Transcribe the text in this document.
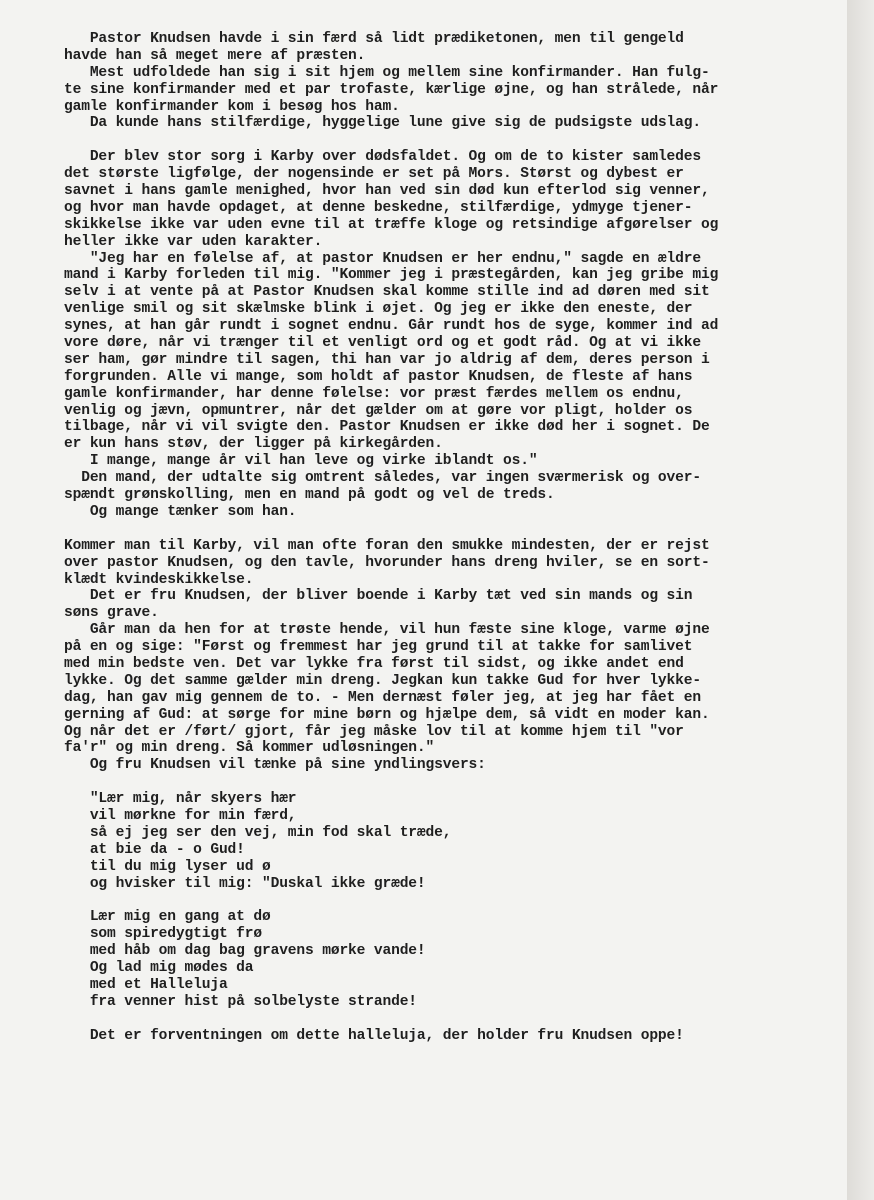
Pastor Knudsen havde i sin færd så lidt prædiketonen, men til gengeld
havde han så meget mere af præsten.
Mest udfoldede han sig i sit hjem og mellem sine konfirmander. Han fulg-
te sine konfirmander med et par trofaste, kærlige øjne, og han strålede, når
gamle konfirmander kom i besøg hos ham.
Da kunde hans stilfærdige, hyggelige lune give sig de pudsigste udslag.
Der blev stor sorg i Karby over dødsfaldet. Og om de to kister samledes
det største ligfølge, der nogensinde er set på Mors. Størst og dybest er
savnet i hans gamle menighed, hvor han ved sin død kun efterlod sig venner,
og hvor man havde opdaget, at denne beskedne, stilfærdige, ydmyge tjener-
skikkelse ikke var uden evne til at træffe kloge og retsindige afgørelser og
heller ikke var uden karakter.
"Jeg har en følelse af, at pastor Knudsen er her endnu," sagde en ældre
mand i Karby forleden til mig. "Kommer jeg i præstegården, kan jeg gribe mig
selv i at vente på at Pastor Knudsen skal komme stille ind ad døren med sit
venlige smil og sit skælmske blink i øjet. Og jeg er ikke den eneste, der
synes, at han går rundt i sognet endnu. Går rundt hos de syge, kommer ind ad
vore døre, når vi trænger til et venligt ord og et godt råd. Og at vi ikke
ser ham, gør mindre til sagen, thi han var jo aldrig af dem, deres person i
forgrunden. Alle vi mange, som holdt af pastor Knudsen, de fleste af hans
gamle konfirmander, har denne følelse: vor præst færdes mellem os endnu,
venlig og jævn, opmuntrer, når det gælder om at gøre vor pligt, holder os
tilbage, når vi vil svigte den. Pastor Knudsen er ikke død her i sognet. De
er kun hans støv, der ligger på kirkegården.
I mange, mange år vil han leve og virke iblandt os."
Den mand, der udtalte sig omtrent således, var ingen sværmerisk og over-
spændt grønskolling, men en mand på godt og vel de treds.
Og mange tænker som han.
Kommer man til Karby, vil man ofte foran den smukke mindesten, der er rejst
over pastor Knudsen, og den tavle, hvorunder hans dreng hviler, se en sort-
klædt kvindeskikkelse.
Det er fru Knudsen, der bliver boende i Karby tæt ved sin mands og sin
søns grave.
Går man da hen for at trøste hende, vil hun fæste sine kloge, varme øjne
på en og sige: "Først og fremmest har jeg grund til at takke for samlivet
med min bedste ven. Det var lykke fra først til sidst, og ikke andet end
lykke. Og det samme gælder min dreng. Jegkan kun takke Gud for hver lykke-
dag, han gav mig gennem de to. - Men dernæst føler jeg, at jeg har fået en
gerning af Gud: at sørge for mine børn og hjælpe dem, så vidt en moder kan.
Og når det er /ført/ gjort, får jeg måske lov til at komme hjem til "vor
fa'r" og min dreng. Så kommer udløsningen."
Og fru Knudsen vil tænke på sine yndlingsvers:
"Lær mig, når skyers hær
vil mørkne for min færd,
så ej jeg ser den vej, min fod skal træde,
at bie da - o Gud!
til du mig lyser ud ø
og hvisker til mig: "Duskal ikke græde!
Lær mig en gang at dø
som spiredygtigt frø
med håb om dag bag gravens mørke vande!
Og lad mig mødes da
med et Halleluja
fra venner hist på solbelyste strande!
Det er forventningen om dette halleluja, der holder fru Knudsen oppe!
